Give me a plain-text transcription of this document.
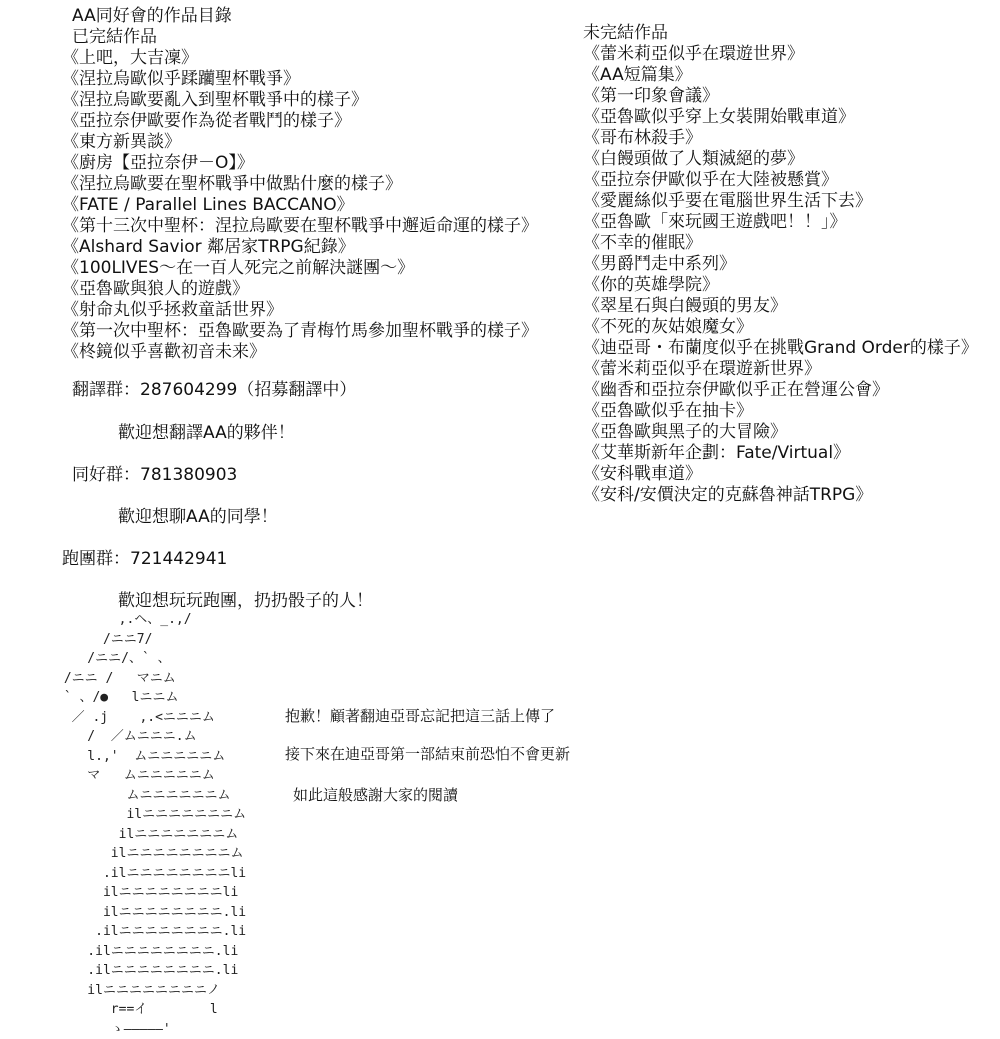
AA同好會的作品目錄
已完結作品
《上吧，大吉凜》
《涅拉烏歐似乎蹂躪聖杯戰爭》
《涅拉烏歐要亂入到聖杯戰爭中的樣子》
《亞拉奈伊歐要作為從者戰鬥的樣子》
《東方新異談》
《廚房【亞拉奈伊－O】》
《涅拉烏歐要在聖杯戰爭中做點什麼的樣子》
《FATE / Parallel Lines BACCANO》
《第十三次中聖杯：涅拉烏歐要在聖杯戰爭中邂逅命運的樣子》
《Alshard Savior 鄰居家TRPG紀錄》
《100LIVES～在一百人死完之前解決謎團～》
《亞魯歐與狼人的遊戲》
《射命丸似乎拯救童話世界》
《第一次中聖杯：亞魯歐要為了青梅竹馬參加聖杯戰爭的樣子》
《柊鏡似乎喜歡初音未来》
未完結作品
《蕾米莉亞似乎在環遊世界》
《AA短篇集》
《第一印象會議》
《亞魯歐似乎穿上女裝開始戰車道》
《哥布林殺手》
《白饅頭做了人類滅絕的夢》
《亞拉奈伊歐似乎在大陸被懸賞》
《愛麗絲似乎要在電腦世界生活下去》
《亞魯歐「來玩國王遊戲吧！！」》
《不幸的催眠》
《男爵鬥走中系列》
《你的英雄學院》
《翠星石與白饅頭的男友》
《不死的灰姑娘魔女》
《迪亞哥・布蘭度似乎在挑戰Grand Order的樣子》
《蕾米莉亞似乎在環遊新世界》
《幽香和亞拉奈伊歐似乎正在營運公會》
《亞魯歐似乎在抽卡》
《亞魯歐與黑子的大冒險》
《艾華斯新年企劃：Fate/Virtual》
《安科戰車道》
《安科/安價決定的克蘇魯神話TRPG》
翻譯群：287604299（招募翻譯中）
歡迎想翻譯AA的夥伴！
同好群：781380903
歡迎想聊AA的同學！
跑團群：721442941
歡迎想玩玩跑團，扔扔骰子的人！
抱歉！顧著翻迪亞哥忘記把這三話上傳了
接下來在迪亞哥第一部結束前恐怕不會更新
如此這般感謝大家的閱讀
,.ヘ、_.,/
/ニニ7/
/ニニ/、` 、
/ニニ /   マニム
` 、/●   lニニム
／ .j    ,.<ニニニム
/  ／ムニニニ.ム
l.,'  ムニニニニニム
マ   ムニニニニニム
ムニニニニニニム
ilニニニニニニニム
ilニニニニニニニム
ilニニニニニニニニム
.ilニニニニニニニニli
ilニニニニニニニニli
ilニニニニニニニニ.li
.ilニニニニニニニニ.li
.ilニニニニニニニニ.li
.ilニニニニニニニニ.li
ilニニニニニニニニノ
r==イ        l
ゝ―――――'
